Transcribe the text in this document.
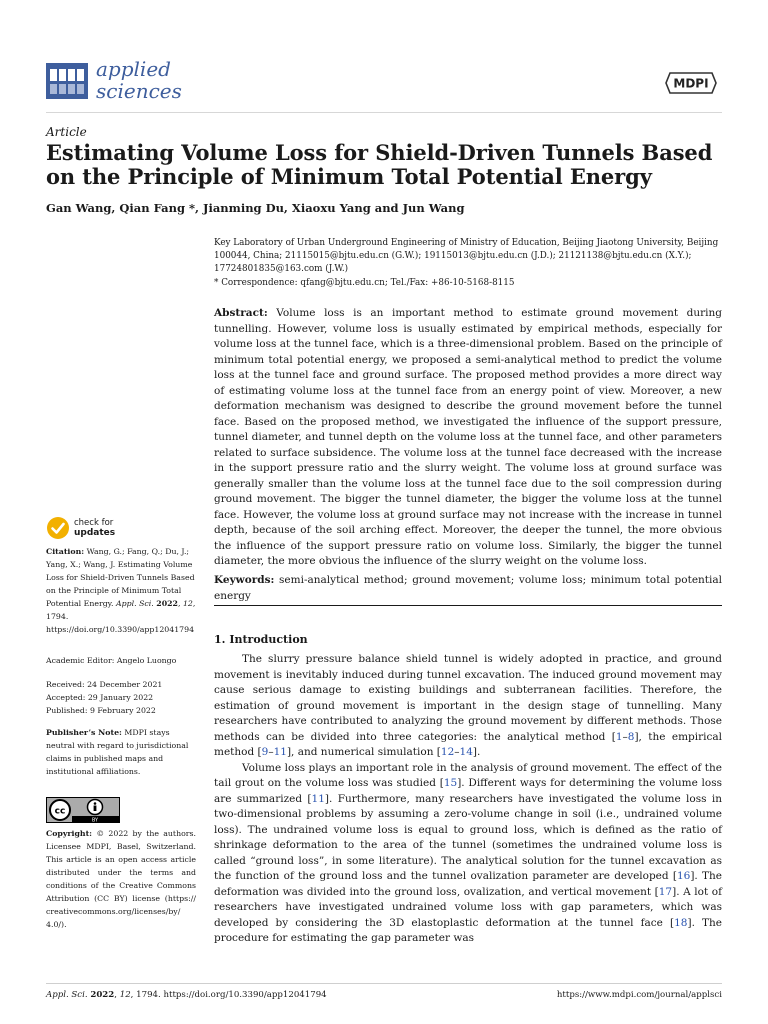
applied
sciences	MDPI
Article
Estimating Volume Loss for Shield-Driven Tunnels Based on the Principle of Minimum Total Potential Energy
Gan Wang, Qian Fang *, Jianming Du, Xiaoxu Yang and Jun Wang
Key Laboratory of Urban Underground Engineering of Ministry of Education, Beijing Jiaotong University, Beijing 100044, China; 21115015@bjtu.edu.cn (G.W.); 19115013@bjtu.edu.cn (J.D.); 21121138@bjtu.edu.cn (X.Y.); 17724801835@163.com (J.W.)
* Correspondence: qfang@bjtu.edu.cn; Tel./Fax: +86-10-5168-8115
Abstract: Volume loss is an important method to estimate ground movement during tunnelling. However, volume loss is usually estimated by empirical methods, especially for volume loss at the tunnel face, which is a three-dimensional problem. Based on the principle of minimum total potential energy, we proposed a semi-analytical method to predict the volume loss at the tunnel face and ground surface. The proposed method provides a more direct way of estimating volume loss at the tunnel face from an energy point of view. Moreover, a new deformation mechanism was designed to describe the ground movement before the tunnel face. Based on the proposed method, we investigated the influence of the support pressure, tunnel diameter, and tunnel depth on the volume loss at the tunnel face, and other parameters related to surface subsidence. The volume loss at the tunnel face decreased with the increase in the support pressure ratio and the slurry weight. The volume loss at ground surface was generally smaller than the volume loss at the tunnel face due to the soil compression during ground movement. The bigger the tunnel diameter, the bigger the volume loss at the tunnel face. However, the volume loss at ground surface may not increase with the increase in tunnel depth, because of the soil arching effect. Moreover, the deeper the tunnel, the more obvious the influence of the support pressure ratio on volume loss. Similarly, the bigger the tunnel diameter, the more obvious the influence of the slurry weight on the volume loss.
Keywords: semi-analytical method; ground movement; volume loss; minimum total potential energy
1. Introduction

The slurry pressure balance shield tunnel is widely adopted in practice, and ground movement is inevitably induced during tunnel excavation. The induced ground movement may cause serious damage to existing buildings and subterranean facilities. Therefore, the estimation of ground movement is important in the design stage of tunnelling. Many researchers have contributed to analyzing the ground movement by different methods. Those methods can be divided into three categories: the analytical method [1–8], the empirical method [9–11], and numerical simulation [12–14].

Volume loss plays an important role in the analysis of ground movement. The effect of the tail grout on the volume loss was studied [15]. Different ways for determining the volume loss are summarized [11]. Furthermore, many researchers have investigated the volume loss in two-dimensional problems by assuming a zero-volume change in soil (i.e., undrained volume loss). The undrained volume loss is equal to ground loss, which is defined as the ratio of shrinkage deformation to the area of the tunnel (sometimes the undrained volume loss is called “ground loss”, in some literature). The analytical solution for the tunnel excavation as the function of the ground loss and the tunnel ovalization parameter are developed [16]. The deformation was divided into the ground loss, ovalization, and vertical movement [17]. A lot of researchers have investigated undrained volume loss with gap parameters, which was developed by considering the 3D elastoplastic deformation at the tunnel face [18]. The procedure for estimating the gap parameter was

check for
updates
Citation: Wang, G.; Fang, Q.; Du, J.; Yang, X.; Wang, J. Estimating Volume Loss for Shield-Driven Tunnels Based on the Principle of Minimum Total Potential Energy. Appl. Sci. 2022, 12, 1794. https://doi.org/10.3390/app12041794
Academic Editor: Angelo Luongo
Received: 24 December 2021
Accepted: 29 January 2022
Published: 9 February 2022
Publisher’s Note: MDPI stays neutral with regard to jurisdictional claims in published maps and institutional affiliations.
cc
BY
Copyright: © 2022 by the authors. Licensee MDPI, Basel, Switzerland. This article is an open access article distributed under the terms and conditions of the Creative Commons Attribution (CC BY) license (https:// creativecommons.org/licenses/by/ 4.0/).
Appl. Sci. 2022, 12, 1794. https://doi.org/10.3390/app12041794	https://www.mdpi.com/journal/applsci
